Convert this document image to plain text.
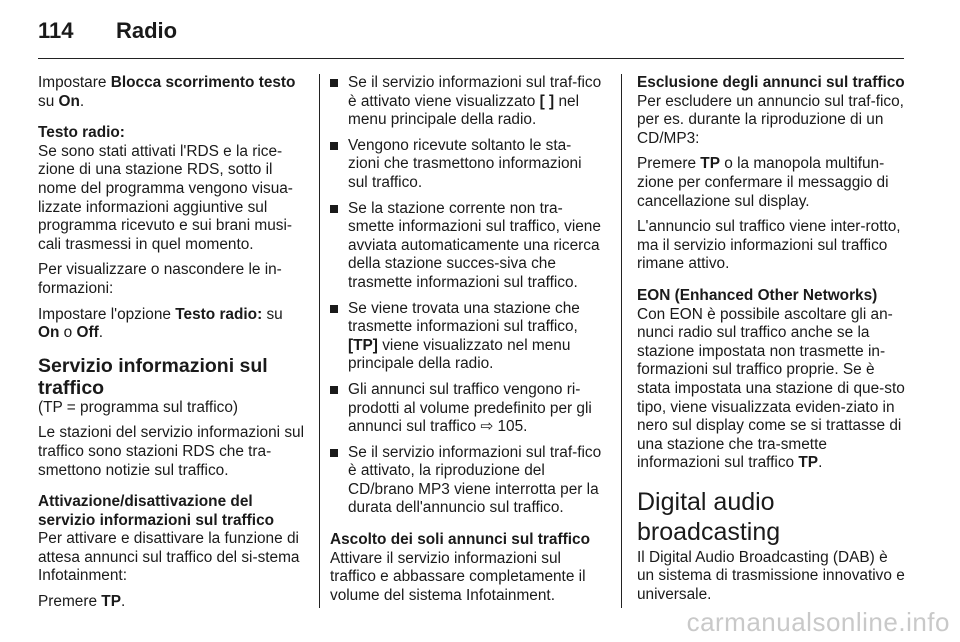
114 Radio

Impostare Blocca scorrimento testo su On.

Testo radio:

Se sono stati attivati l'RDS e la rice-zione di una stazione RDS, sotto il nome del programma vengono visua-lizzate informazioni aggiuntive sul programma ricevuto e sui brani musi-cali trasmessi in quel momento.

Per visualizzare o nascondere le in-formazioni:

Impostare l'opzione Testo radio: su On o Off.

Servizio informazioni sul traffico

(TP = programma sul traffico)

Le stazioni del servizio informazioni sul traffico sono stazioni RDS che tra-smettono notizie sul traffico.

Attivazione/disattivazione del servizio informazioni sul traffico

Per attivare e disattivare la funzione di attesa annunci sul traffico del si-stema Infotainment:

Premere TP.

Se il servizio informazioni sul traf-fico è attivato viene visualizzato [ ] nel menu principale della radio.
Vengono ricevute soltanto le sta-zioni che trasmettono informazioni sul traffico.
Se la stazione corrente non tra-smette informazioni sul traffico, viene avviata automaticamente una ricerca della stazione succes-siva che trasmette informazioni sul traffico.
Se viene trovata una stazione che trasmette informazioni sul traffico, [TP] viene visualizzato nel menu principale della radio.
Gli annunci sul traffico vengono ri-prodotti al volume predefinito per gli annunci sul traffico ⇨ 105.
Se il servizio informazioni sul traf-fico è attivato, la riproduzione del CD/brano MP3 viene interrotta per la durata dell'annuncio sul traffico.

Ascolto dei soli annunci sul traffico

Attivare il servizio informazioni sul traffico e abbassare completamente il volume del sistema Infotainment.

Esclusione degli annunci sul traffico

Per escludere un annuncio sul traf-fico, per es. durante la riproduzione di un CD/MP3:

Premere TP o la manopola multifun-zione per confermare il messaggio di cancellazione sul display.

L'annuncio sul traffico viene inter-rotto, ma il servizio informazioni sul traffico rimane attivo.

EON (Enhanced Other Networks)

Con EON è possibile ascoltare gli an-nunci radio sul traffico anche se la stazione impostata non trasmette in-formazioni sul traffico proprie. Se è stata impostata una stazione di que-sto tipo, viene visualizzata eviden-ziato in nero sul display come se si trattasse di una stazione che tra-smette informazioni sul traffico TP.

Digital audio broadcasting

Il Digital Audio Broadcasting (DAB) è un sistema di trasmissione innovativo e universale.

carmanualsonline.info
